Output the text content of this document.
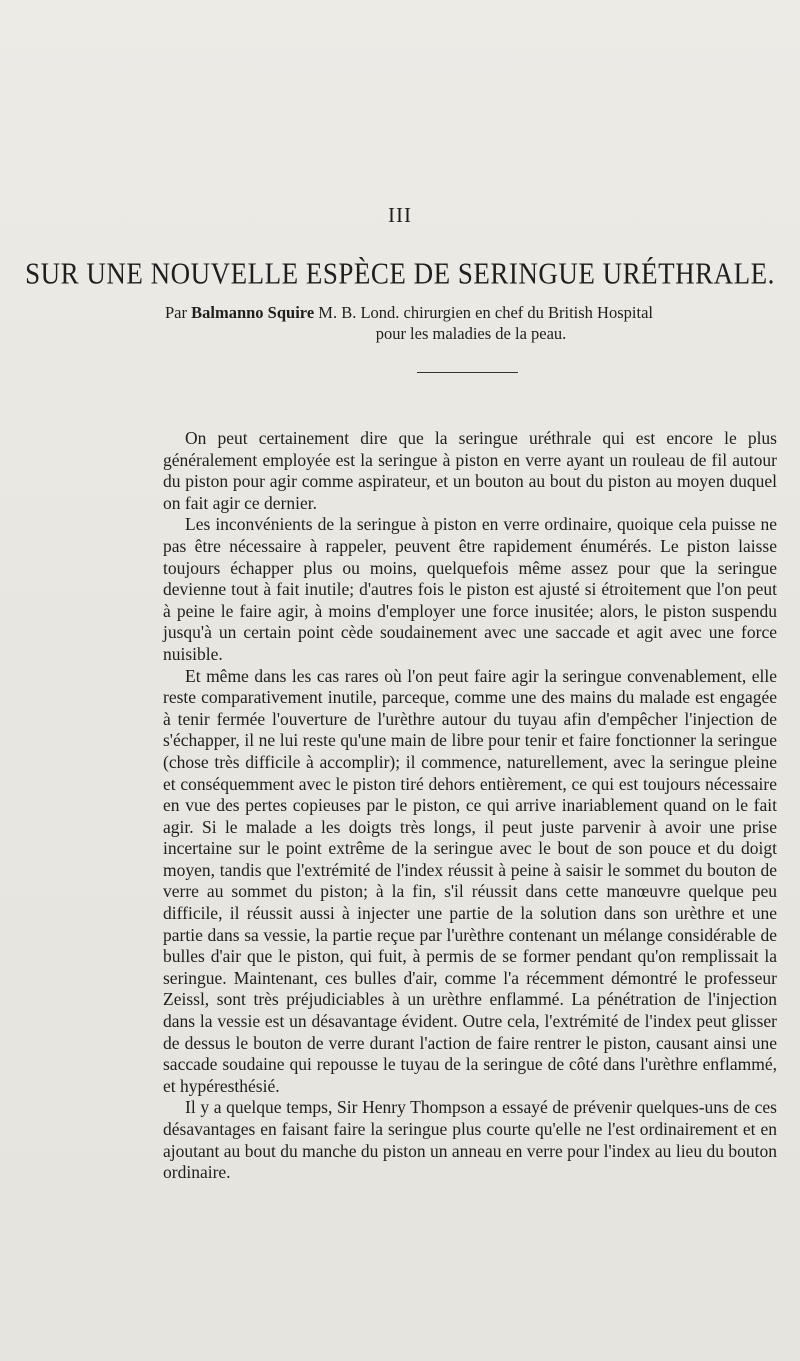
III
SUR UNE NOUVELLE ESPÈCE DE SERINGUE URÉTHRALE.
Par Balmanno Squire M. B. Lond. chirurgien en chef du British Hospital
pour les maladies de la peau.

On peut certainement dire que la seringue uréthrale qui est encore le plus généralement employée est la seringue à piston en verre ayant un rouleau de fil autour du piston pour agir comme aspirateur, et un bouton au bout du piston au moyen duquel on fait agir ce dernier.

Les inconvénients de la seringue à piston en verre ordinaire, quoique cela puisse ne pas être nécessaire à rappeler, peuvent être rapidement énumérés. Le piston laisse toujours échapper plus ou moins, quelquefois même assez pour que la seringue devienne tout à fait inutile; d'autres fois le piston est ajusté si étroitement que l'on peut à peine le faire agir, à moins d'employer une force inusitée; alors, le piston suspendu jusqu'à un certain point cède soudainement avec une saccade et agit avec une force nuisible.

Et même dans les cas rares où l'on peut faire agir la seringue convenablement, elle reste comparativement inutile, parceque, comme une des mains du malade est engagée à tenir fermée l'ouverture de l'urèthre autour du tuyau afin d'empêcher l'injection de s'échapper, il ne lui reste qu'une main de libre pour tenir et faire fonctionner la seringue (chose très difficile à accomplir); il commence, naturellement, avec la seringue pleine et conséquemment avec le piston tiré dehors entièrement, ce qui est toujours nécessaire en vue des pertes copieuses par le piston, ce qui arrive inariablement quand on le fait agir. Si le malade a les doigts très longs, il peut juste parvenir à avoir une prise incertaine sur le point extrême de la seringue avec le bout de son pouce et du doigt moyen, tandis que l'extrémité de l'index réussit à peine à saisir le sommet du bouton de verre au sommet du piston; à la fin, s'il réussit dans cette manœuvre quelque peu difficile, il réussit aussi à injecter une partie de la solution dans son urèthre et une partie dans sa vessie, la partie reçue par l'urèthre contenant un mélange considérable de bulles d'air que le piston, qui fuit, à permis de se former pendant qu'on remplissait la seringue. Maintenant, ces bulles d'air, comme l'a récemment démontré le professeur Zeissl, sont très préjudiciables à un urèthre enflammé. La pénétration de l'injection dans la vessie est un désavantage évident. Outre cela, l'extrémité de l'index peut glisser de dessus le bouton de verre durant l'action de faire rentrer le piston, causant ainsi une saccade soudaine qui repousse le tuyau de la seringue de côté dans l'urèthre enflammé, et hypéresthésié.

Il y a quelque temps, Sir Henry Thompson a essayé de prévenir quelques-uns de ces désavantages en faisant faire la seringue plus courte qu'elle ne l'est ordinairement et en ajoutant au bout du manche du piston un anneau en verre pour l'index au lieu du bouton ordinaire.
